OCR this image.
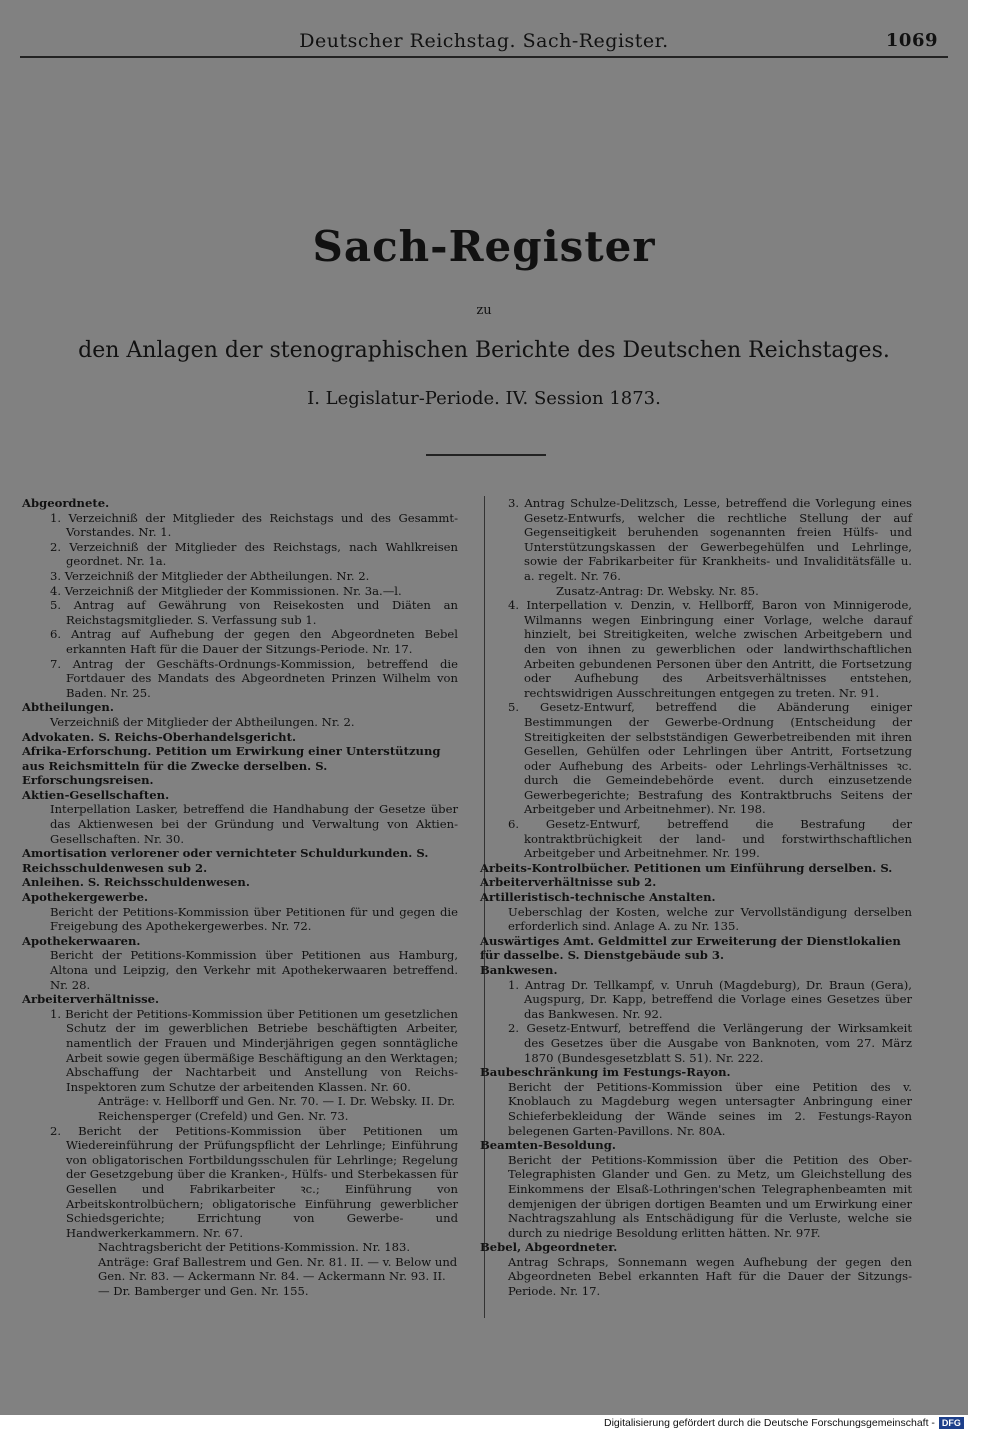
Deutscher Reichstag. Sach-Register.	1069
Sach-Register
zu
den Anlagen der stenographischen Berichte des Deutschen Reichstages.
I. Legislatur-Periode. IV. Session 1873.
Abgeordnete.
1. Verzeichniß der Mitglieder des Reichstags und des Gesammt-Vorstandes. Nr. 1.
2. Verzeichniß der Mitglieder des Reichstags, nach Wahlkreisen geordnet. Nr. 1a.
3. Verzeichniß der Mitglieder der Abtheilungen. Nr. 2.
4. Verzeichniß der Mitglieder der Kommissionen. Nr. 3a.—l.
5. Antrag auf Gewährung von Reisekosten und Diäten an Reichstagsmitglieder. S. Verfassung sub 1.
6. Antrag auf Aufhebung der gegen den Abgeordneten Bebel erkannten Haft für die Dauer der Sitzungs-Periode. Nr. 17.
7. Antrag der Geschäfts-Ordnungs-Kommission, betreffend die Fortdauer des Mandats des Abgeordneten Prinzen Wilhelm von Baden. Nr. 25.
Abtheilungen.
Verzeichniß der Mitglieder der Abtheilungen. Nr. 2.
Advokaten. S. Reichs-Oberhandelsgericht.
Afrika-Erforschung. Petition um Erwirkung einer Unterstützung aus Reichsmitteln für die Zwecke derselben. S. Erforschungsreisen.
Aktien-Gesellschaften.
Interpellation Lasker, betreffend die Handhabung der Gesetze über das Aktienwesen bei der Gründung und Verwaltung von Aktien-Gesellschaften. Nr. 30.
Amortisation verlorener oder vernichteter Schuldurkunden. S. Reichsschuldenwesen sub 2.
Anleihen. S. Reichsschuldenwesen.
Apothekergewerbe.
Bericht der Petitions-Kommission über Petitionen für und gegen die Freigebung des Apothekergewerbes. Nr. 72.
Apothekerwaaren.
Bericht der Petitions-Kommission über Petitionen aus Hamburg, Altona und Leipzig, den Verkehr mit Apothekerwaaren betreffend. Nr. 28.
Arbeiterverhältnisse.
1. Bericht der Petitions-Kommission über Petitionen um gesetzlichen Schutz der im gewerblichen Betriebe beschäftigten Arbeiter, namentlich der Frauen und Minderjährigen gegen sonntägliche Arbeit sowie gegen übermäßige Beschäftigung an den Werktagen; Abschaffung der Nachtarbeit und Anstellung von Reichs-Inspektoren zum Schutze der arbeitenden Klassen. Nr. 60.
Anträge: v. Hellborff und Gen. Nr. 70. — I. Dr. Websky. II. Dr. Reichensperger (Crefeld) und Gen. Nr. 73.
2. Bericht der Petitions-Kommission über Petitionen um Wiedereinführung der Prüfungspflicht der Lehrlinge; Einführung von obligatorischen Fortbildungsschulen für Lehrlinge; Regelung der Gesetzgebung über die Kranken-, Hülfs- und Sterbekassen für Gesellen und Fabrikarbeiter ꝛc.; Einführung von Arbeitskontrolbüchern; obligatorische Einführung gewerblicher Schiedsgerichte; Errichtung von Gewerbe- und Handwerkerkammern. Nr. 67.
Nachtragsbericht der Petitions-Kommission. Nr. 183. Anträge: Graf Ballestrem und Gen. Nr. 81. II. — v. Below und Gen. Nr. 83. — Ackermann Nr. 84. — Ackermann Nr. 93. II. — Dr. Bamberger und Gen. Nr. 155.
3. Antrag Schulze-Delitzsch, Lesse, betreffend die Vorlegung eines Gesetz-Entwurfs, welcher die rechtliche Stellung der auf Gegenseitigkeit beruhenden sogenannten freien Hülfs- und Unterstützungskassen der Gewerbegehülfen und Lehrlinge, sowie der Fabrikarbeiter für Krankheits- und Invaliditätsfälle u. a. regelt. Nr. 76.
Zusatz-Antrag: Dr. Websky. Nr. 85.
4. Interpellation v. Denzin, v. Hellborff, Baron von Minnigerode, Wilmanns wegen Einbringung einer Vorlage, welche darauf hinzielt, bei Streitigkeiten, welche zwischen Arbeitgebern und den von ihnen zu gewerblichen oder landwirthschaftlichen Arbeiten gebundenen Personen über den Antritt, die Fortsetzung oder Aufhebung des Arbeitsverhältnisses entstehen, rechtswidrigen Ausschreitungen entgegen zu treten. Nr. 91.
5. Gesetz-Entwurf, betreffend die Abänderung einiger Bestimmungen der Gewerbe-Ordnung (Entscheidung der Streitigkeiten der selbstständigen Gewerbetreibenden mit ihren Gesellen, Gehülfen oder Lehrlingen über Antritt, Fortsetzung oder Aufhebung des Arbeits- oder Lehrlings-Verhältnisses ꝛc. durch die Gemeindebehörde event. durch einzusetzende Gewerbegerichte; Bestrafung des Kontraktbruchs Seitens der Arbeitgeber und Arbeitnehmer). Nr. 198.
6. Gesetz-Entwurf, betreffend die Bestrafung der kontraktbrüchigkeit der land- und forstwirthschaftlichen Arbeitgeber und Arbeitnehmer. Nr. 199.
Arbeits-Kontrolbücher. Petitionen um Einführung derselben. S. Arbeiterverhältnisse sub 2.
Artilleristisch-technische Anstalten.
Ueberschlag der Kosten, welche zur Vervollständigung derselben erforderlich sind. Anlage A. zu Nr. 135.
Auswärtiges Amt. Geldmittel zur Erweiterung der Dienstlokalien für dasselbe. S. Dienstgebäude sub 3.
Bankwesen.
1. Antrag Dr. Tellkampf, v. Unruh (Magdeburg), Dr. Braun (Gera), Augspurg, Dr. Kapp, betreffend die Vorlage eines Gesetzes über das Bankwesen. Nr. 92.
2. Gesetz-Entwurf, betreffend die Verlängerung der Wirksamkeit des Gesetzes über die Ausgabe von Banknoten, vom 27. März 1870 (Bundesgesetzblatt S. 51). Nr. 222.
Baubeschränkung im Festungs-Rayon.
Bericht der Petitions-Kommission über eine Petition des v. Knoblauch zu Magdeburg wegen untersagter Anbringung einer Schieferbekleidung der Wände seines im 2. Festungs-Rayon belegenen Garten-Pavillons. Nr. 80A.
Beamten-Besoldung.
Bericht der Petitions-Kommission über die Petition des Ober-Telegraphisten Glander und Gen. zu Metz, um Gleichstellung des Einkommens der Elsaß-Lothringen'schen Telegraphenbeamten mit demjenigen der übrigen dortigen Beamten und um Erwirkung einer Nachtragszahlung als Entschädigung für die Verluste, welche sie durch zu niedrige Besoldung erlitten hätten. Nr. 97F.
Bebel, Abgeordneter.
Antrag Schraps, Sonnemann wegen Aufhebung der gegen den Abgeordneten Bebel erkannten Haft für die Dauer der Sitzungs-Periode. Nr. 17.
Digitalisierung gefördert durch die Deutsche Forschungsgemeinschaft - DFG
